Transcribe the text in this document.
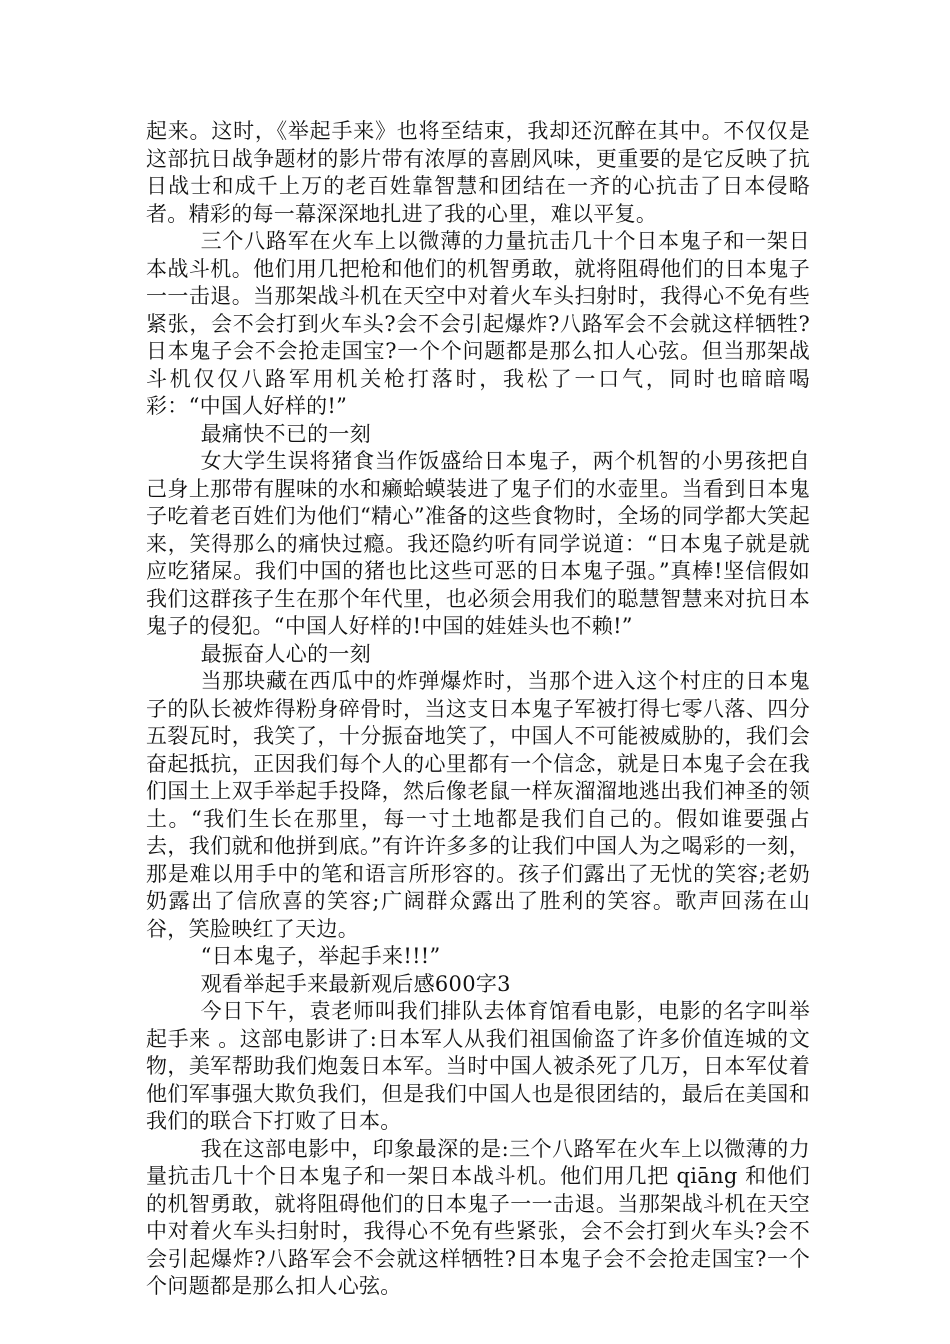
起来。这时，《举起手来》也将至结束，我却还沉醉在其中。不仅仅是这部抗日战争题材的影片带有浓厚的喜剧风味，更重要的是它反映了抗日战士和成千上万的老百姓靠智慧和团结在一齐的心抗击了日本侵略者。精彩的每一幕深深地扎进了我的心里，难以平复。

三个八路军在火车上以微薄的力量抗击几十个日本鬼子和一架日本战斗机。他们用几把枪和他们的机智勇敢，就将阻碍他们的日本鬼子一一击退。当那架战斗机在天空中对着火车头扫射时，我得心不免有些紧张，会不会打到火车头?会不会引起爆炸?八路军会不会就这样牺牲?日本鬼子会不会抢走国宝?一个个问题都是那么扣人心弦。但当那架战斗机仅仅八路军用机关枪打落时，我松了一口气，同时也暗暗喝彩：“中国人好样的!”

最痛快不已的一刻

女大学生误将猪食当作饭盛给日本鬼子，两个机智的小男孩把自己身上那带有腥味的水和癞蛤蟆装进了鬼子们的水壶里。当看到日本鬼子吃着老百姓们为他们“精心”准备的这些食物时，全场的同学都大笑起来，笑得那么的痛快过瘾。我还隐约听有同学说道：“日本鬼子就是就应吃猪屎。我们中国的猪也比这些可恶的日本鬼子强。”真棒!坚信假如我们这群孩子生在那个年代里，也必须会用我们的聪慧智慧来对抗日本鬼子的侵犯。“中国人好样的!中国的娃娃头也不赖!”

最振奋人心的一刻

当那块藏在西瓜中的炸弹爆炸时，当那个进入这个村庄的日本鬼子的队长被炸得粉身碎骨时，当这支日本鬼子军被打得七零八落、四分五裂瓦时，我笑了，十分振奋地笑了，中国人不可能被威胁的，我们会奋起抵抗，正因我们每个人的心里都有一个信念，就是日本鬼子会在我们国土上双手举起手投降，然后像老鼠一样灰溜溜地逃出我们神圣的领土。“我们生长在那里，每一寸土地都是我们自己的。假如谁要强占去，我们就和他拼到底。”有许许多多的让我们中国人为之喝彩的一刻，那是难以用手中的笔和语言所形容的。孩子们露出了无忧的笑容;老奶奶露出了信欣喜的笑容;广阔群众露出了胜利的笑容。歌声回荡在山谷，笑脸映红了天边。

“日本鬼子，举起手来!!!”

观看举起手来最新观后感600字3

今日下午，袁老师叫我们排队去体育馆看电影，电影的名字叫举起手来 。这部电影讲了:日本军人从我们祖国偷盗了许多价值连城的文物，美军帮助我们炮轰日本军。当时中国人被杀死了几万，日本军仗着他们军事强大欺负我们，但是我们中国人也是很团结的，最后在美国和我们的联合下打败了日本。

我在这部电影中，印象最深的是:三个八路军在火车上以微薄的力量抗击几十个日本鬼子和一架日本战斗机。他们用几把 qiāng 和他们的机智勇敢，就将阻碍他们的日本鬼子一一击退。当那架战斗机在天空中对着火车头扫射时，我得心不免有些紧张，会不会打到火车头?会不会引起爆炸?八路军会不会就这样牺牲?日本鬼子会不会抢走国宝?一个个问题都是那么扣人心弦。
